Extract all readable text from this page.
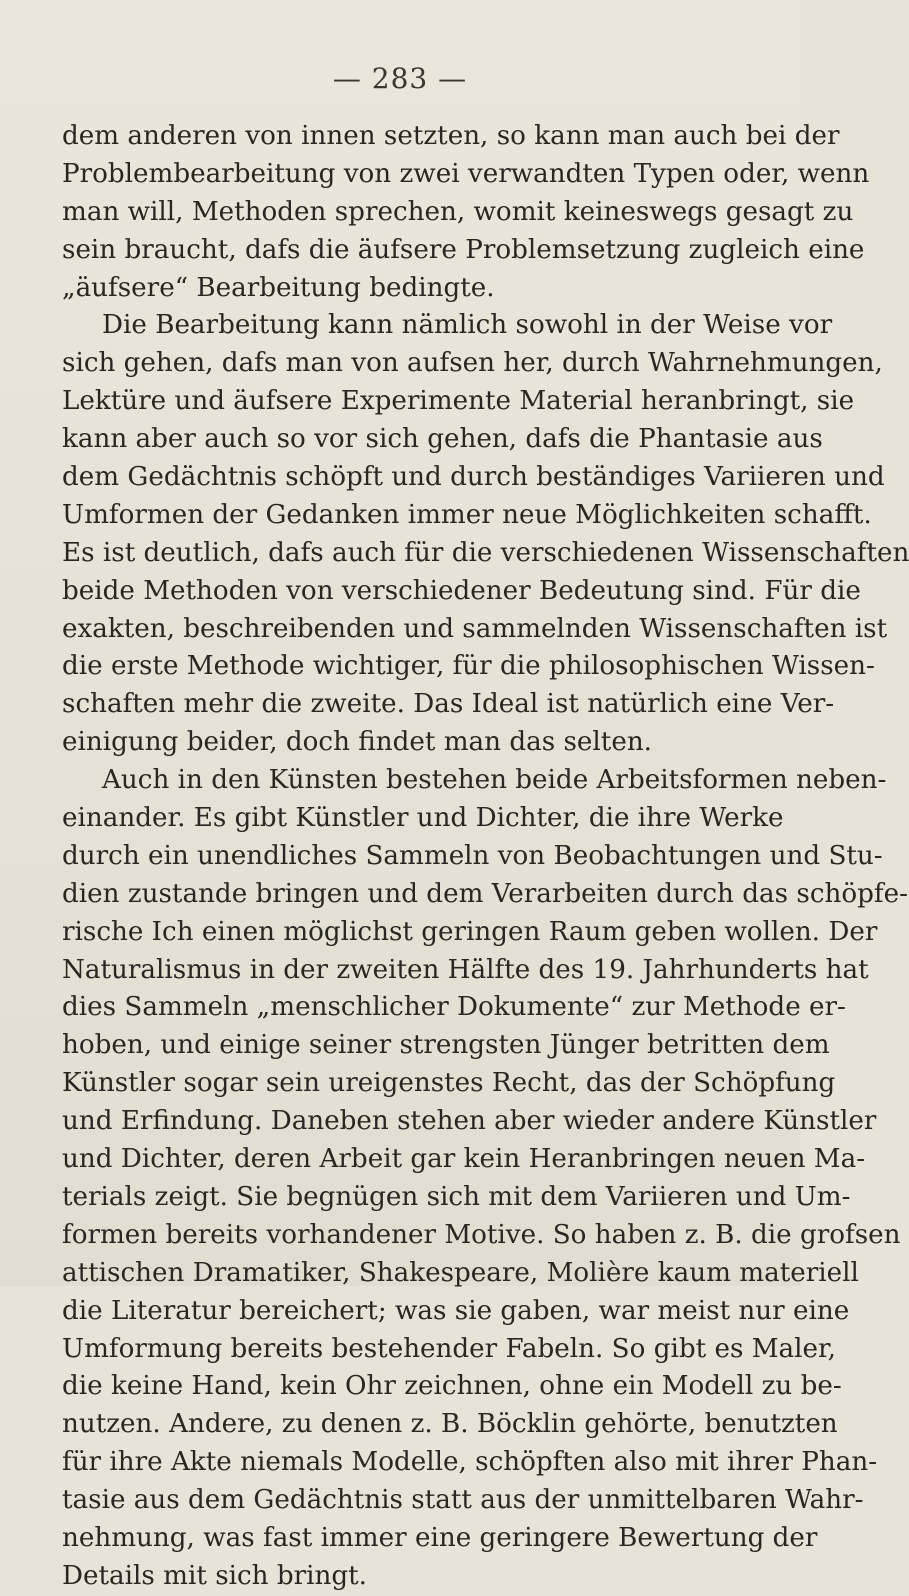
— 283 —
dem anderen von innen setzten, so kann man auch bei der
Problembearbeitung von zwei verwandten Typen oder, wenn
man will, Methoden sprechen, womit keineswegs gesagt zu
sein braucht, dafs die äufsere Problemsetzung zugleich eine
„äufsere“ Bearbeitung bedingte.
Die Bearbeitung kann nämlich sowohl in der Weise vor
sich gehen, dafs man von aufsen her, durch Wahrnehmungen,
Lektüre und äufsere Experimente Material heranbringt, sie
kann aber auch so vor sich gehen, dafs die Phantasie aus
dem Gedächtnis schöpft und durch beständiges Variieren und
Umformen der Gedanken immer neue Möglichkeiten schafft.
Es ist deutlich, dafs auch für die verschiedenen Wissenschaften
beide Methoden von verschiedener Bedeutung sind. Für die
exakten, beschreibenden und sammelnden Wissenschaften ist
die erste Methode wichtiger, für die philosophischen Wissen-
schaften mehr die zweite. Das Ideal ist natürlich eine Ver-
einigung beider, doch findet man das selten.
Auch in den Künsten bestehen beide Arbeitsformen neben-
einander. Es gibt Künstler und Dichter, die ihre Werke
durch ein unendliches Sammeln von Beobachtungen und Stu-
dien zustande bringen und dem Verarbeiten durch das schöpfe-
rische Ich einen möglichst geringen Raum geben wollen. Der
Naturalismus in der zweiten Hälfte des 19. Jahrhunderts hat
dies Sammeln „menschlicher Dokumente“ zur Methode er-
hoben, und einige seiner strengsten Jünger betritten dem
Künstler sogar sein ureigenstes Recht, das der Schöpfung
und Erfindung. Daneben stehen aber wieder andere Künstler
und Dichter, deren Arbeit gar kein Heranbringen neuen Ma-
terials zeigt. Sie begnügen sich mit dem Variieren und Um-
formen bereits vorhandener Motive. So haben z. B. die grofsen
attischen Dramatiker, Shakespeare, Molière kaum materiell
die Literatur bereichert; was sie gaben, war meist nur eine
Umformung bereits bestehender Fabeln. So gibt es Maler,
die keine Hand, kein Ohr zeichnen, ohne ein Modell zu be-
nutzen. Andere, zu denen z. B. Böcklin gehörte, benutzten
für ihre Akte niemals Modelle, schöpften also mit ihrer Phan-
tasie aus dem Gedächtnis statt aus der unmittelbaren Wahr-
nehmung, was fast immer eine geringere Bewertung der
Details mit sich bringt.
